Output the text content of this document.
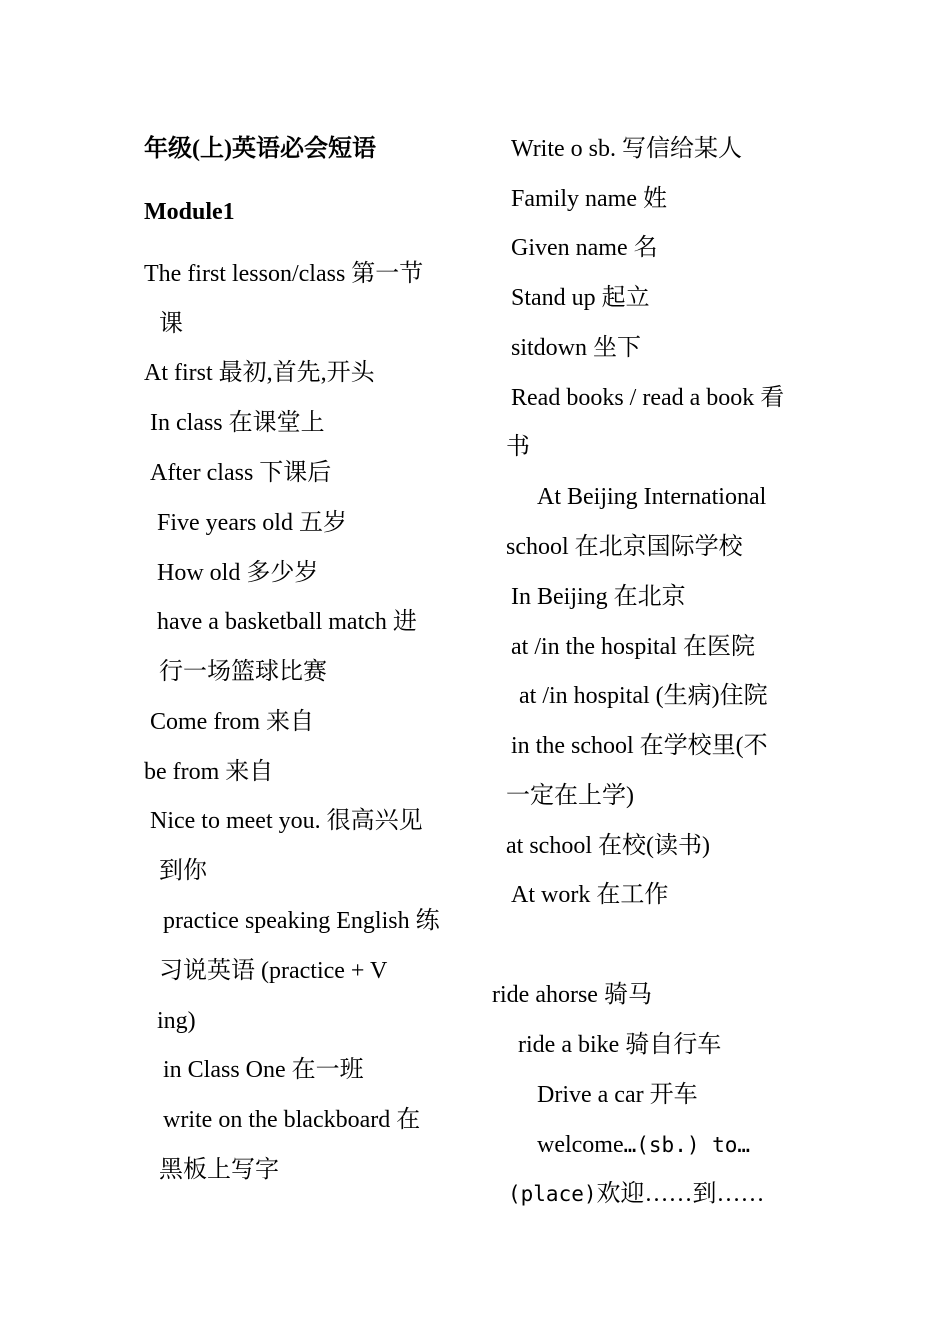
年级(上)英语必会短语
Module1
The first lesson/class 第一节
课
At first 最初,首先,开头
In class 在课堂上
After class 下课后
Five years old 五岁
How old 多少岁
have a basketball match 进
行一场篮球比赛
Come from 来自
be from 来自
Nice to meet you. 很高兴见
到你
practice speaking English 练
习说英语 (practice + V
ing)
in Class One 在一班
write on the blackboard 在
黑板上写字
Write o sb. 写信给某人
Family name 姓
Given name 名
Stand up 起立
sitdown 坐下
Read books / read a book 看
书
At Beijing International
school 在北京国际学校
In Beijing 在北京
at /in the hospital 在医院
at /in hospital (生病)住院
in the school 在学校里(不
一定在上学)
at school 在校(读书)
At work 在工作
ride ahorse 骑马
ride a bike 骑自行车
Drive a car 开车
welcome…(sb.) to…
(place)欢迎……到……
